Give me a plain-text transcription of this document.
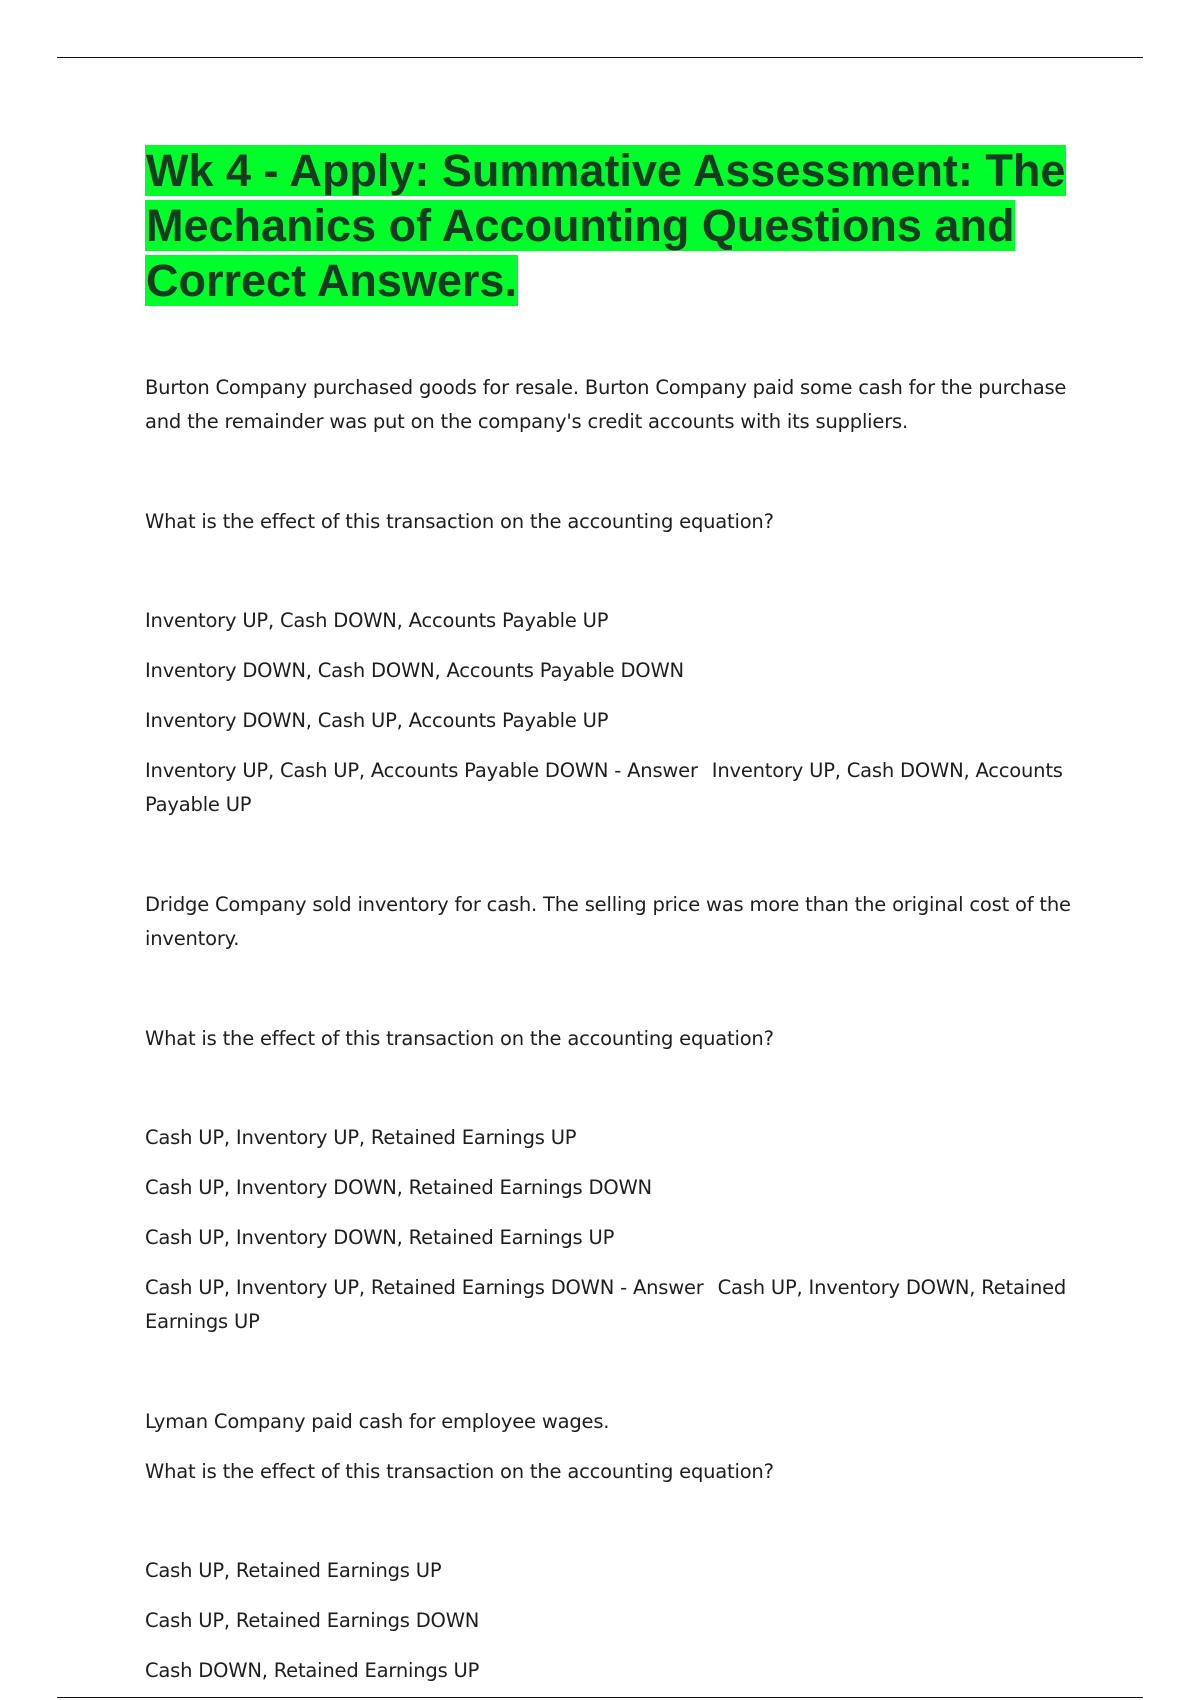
Wk 4 - Apply: Summative Assessment: The Mechanics of Accounting Questions and Correct Answers.

Burton Company purchased goods for resale. Burton Company paid some cash for the purchase and the remainder was put on the company's credit accounts with its suppliers.

What is the effect of this transaction on the accounting equation?

Inventory UP, Cash DOWN, Accounts Payable UP

Inventory DOWN, Cash DOWN, Accounts Payable DOWN

Inventory DOWN, Cash UP, Accounts Payable UP

Inventory UP, Cash UP, Accounts Payable DOWN - Answer Inventory UP, Cash DOWN, Accounts Payable UP

Dridge Company sold inventory for cash. The selling price was more than the original cost of the inventory.

What is the effect of this transaction on the accounting equation?

Cash UP, Inventory UP, Retained Earnings UP

Cash UP, Inventory DOWN, Retained Earnings DOWN

Cash UP, Inventory DOWN, Retained Earnings UP

Cash UP, Inventory UP, Retained Earnings DOWN - Answer Cash UP, Inventory DOWN, Retained Earnings UP

Lyman Company paid cash for employee wages.

What is the effect of this transaction on the accounting equation?

Cash UP, Retained Earnings UP

Cash UP, Retained Earnings DOWN

Cash DOWN, Retained Earnings UP
